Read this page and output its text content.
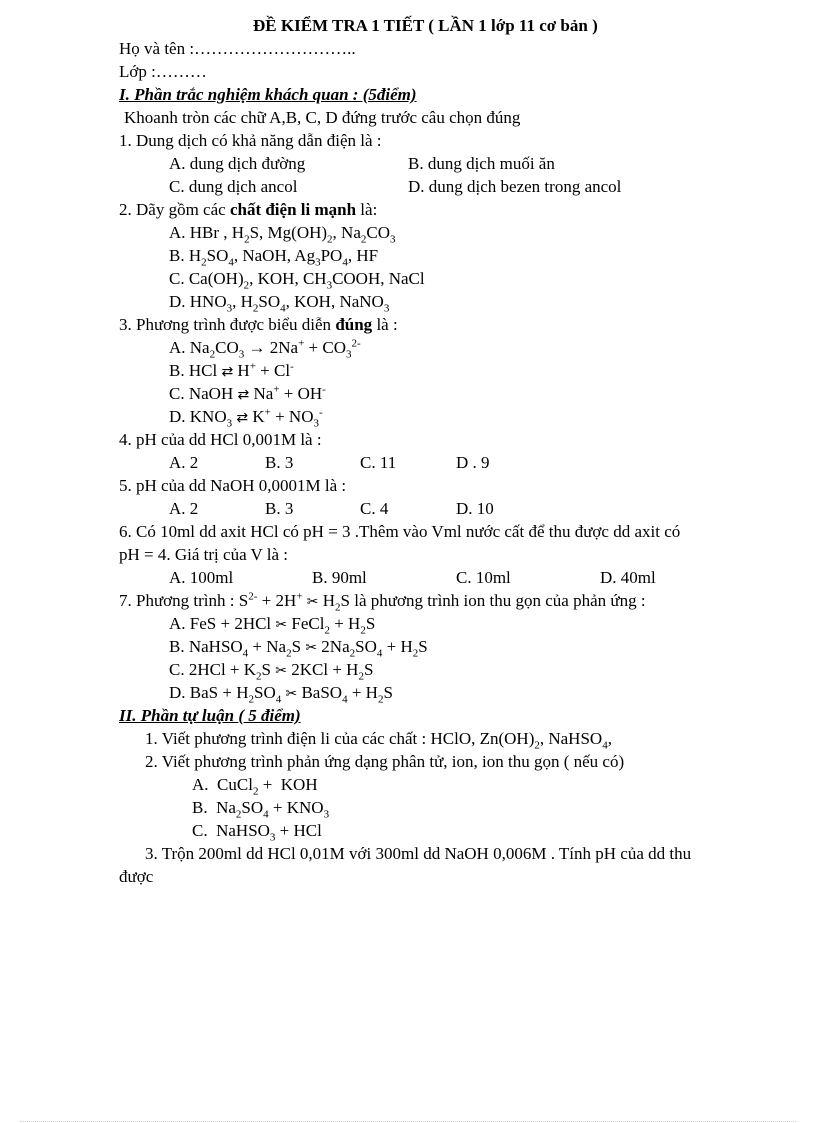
ĐỀ KIỂM TRA 1 TIẾT ( LẦN 1 lớp 11 cơ bản )
Họ và tên :………………………..
Lớp :………
I. Phần trắc nghiệm khách quan : (5điểm)
Khoanh tròn các chữ A,B, C, D đứng trước câu chọn đúng
1. Dung dịch có khả năng dẫn điện là :
A. dung dịch đường	B. dung dịch muối ăn
C. dung dịch ancol	D. dung dịch bezen trong ancol
2. Dãy gồm các chất điện li mạnh là:
A. HBr , $H_2S$, $Mg(OH)_2$, $Na_2CO_3$
B. $H_2SO_4$, NaOH, $Ag_3PO_4$, HF
C. $Ca(OH)_2$, KOH, $CH_3COOH$, NaCl
D. $HNO_3$, $H_2SO_4$, KOH, NaNO$_3$
3. Phương trình được biểu diễn đúng là :
A. $Na_2CO_3 \to 2Na^+ + CO_3^{2-}$
B. HCl ⇄ H+ + Cl-
C. NaOH ⇄ Na+ + OH-
D. $KNO_3$ ⇄ $K^+ + NO_3^-$
4. pH của dd HCl 0,001M là :
A. 2	B. 3	C. 11	D . 9
5. pH của dd NaOH 0,0001M là :
A. 2	B. 3	C. 4	D. 10
6. Có 10ml dd axit HCl có pH = 3 .Thêm vào Vml nước cất để thu được dd axit có
pH = 4. Giá trị của V là :
A. 100ml	B. 90ml	C. 10ml	D. 40ml
7. Phương trình : $S^{2-} + 2H^+$ ✂ $H_2S$ là phương trình ion thu gọn của phản ứng :
A. FeS + 2HCl ✂ FeCl$_2$ + $H_2S$
B. NaHSO$_4$ + $Na_2S$ ✂ $2Na_2SO_4 + H_2S$
C. $2HCl + K_2S$ ✂ $2KCl + H_2S$
D. BaS + $H_2SO_4$ ✂ BaSO$_4$ + $H_2S$
II. Phần tự luận ( 5 điểm)
1. Viết phương trình điện li của các chất : HClO, $Zn(OH)_2$, NaHSO$_4$,
2. Viết phương trình phản ứng dạng phân tử, ion, ion thu gọn ( nếu có)
A.  CuCl$_2$ +  KOH
B.  $Na_2SO_4 + KNO_3$
C.  NaHSO$_3$ + HCl
3. Trộn 200ml dd HCl 0,01M với 300ml dd NaOH 0,006M . Tính pH của dd thu
được
